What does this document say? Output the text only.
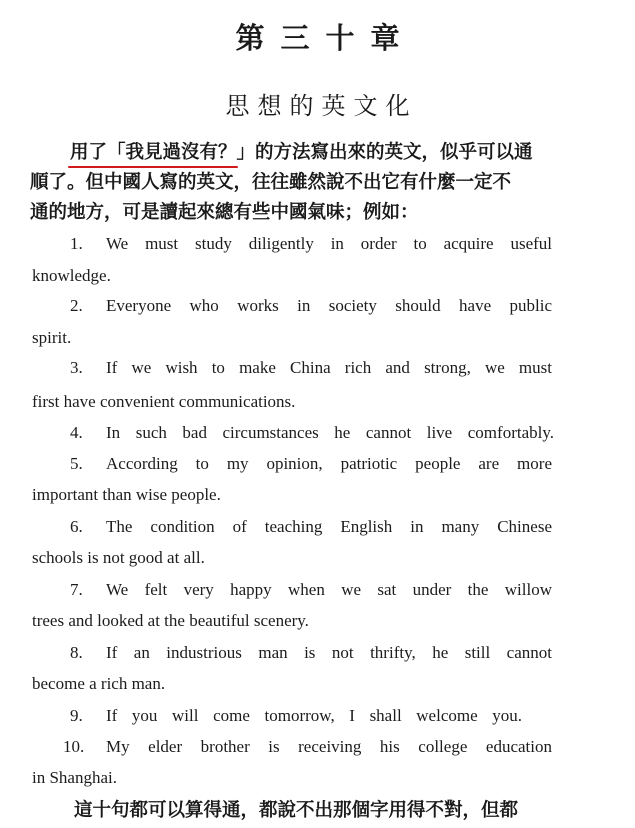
第三十章
思想的英文化
用了「我見過沒有？」的方法寫出來的英文，似乎可以通
順了。但中國人寫的英文，往往雖然說不出它有什麼一定不
通的地方，可是讀起來總有些中國氣味；例如：
1. We must study diligently in order to acquire useful
knowledge.
2. Everyone who works in society should have public
spirit.
3. If we wish to make China rich and strong, we must
first have convenient communications.
4. In such bad circumstances he cannot live comfortably.
5. According to my opinion, patriotic people are more
important than wise people.
6. The condition of teaching English in many Chinese
schools is not good at all.
7. We felt very happy when we sat under the willow
trees and looked at the beautiful scenery.
8. If an industrious man is not thrifty, he still cannot
become a rich man.
9. If you will come tomorrow, I shall welcome you.
10. My elder brother is receiving his college education
in Shanghai.
這十句都可以算得通，都說不出那個字用得不對，但都
